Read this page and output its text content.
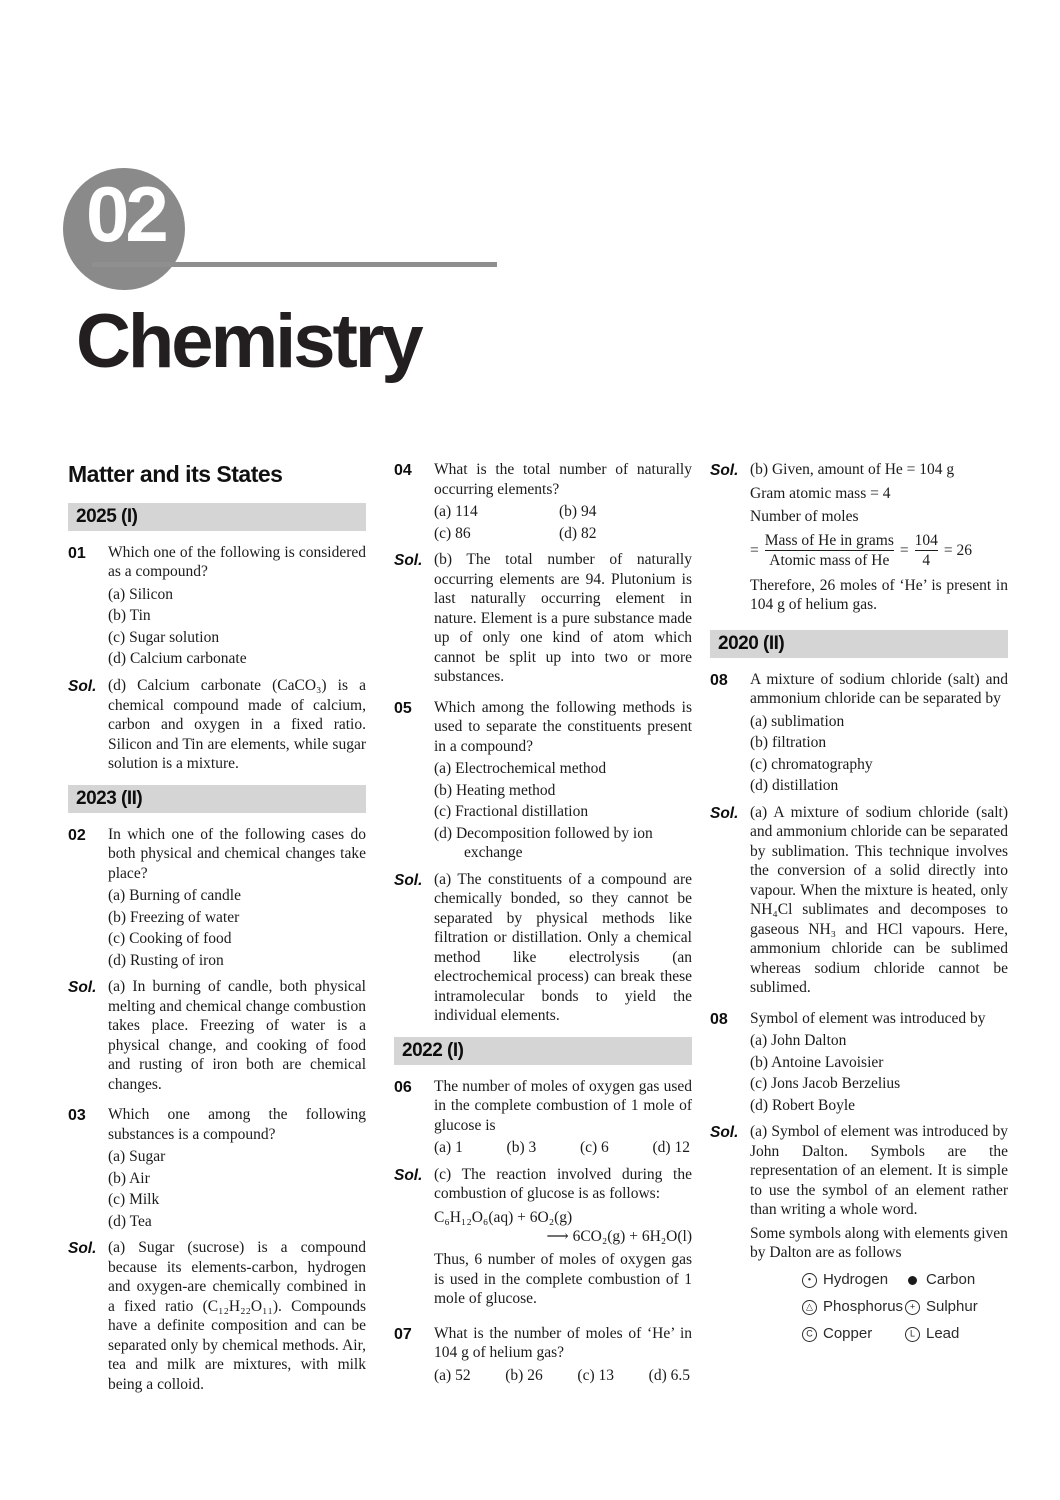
02
Chemistry
Matter and its States
2025 (I)
01	Which one of the following is considered as a compound?
(a) Silicon
(b) Tin
(c) Sugar solution
(d) Calcium carbonate
Sol. (d) Calcium carbonate (CaCO₃) is a chemical compound made of calcium, carbon and oxygen in a fixed ratio. Silicon and Tin are elements, while sugar solution is a mixture.
2023 (II)
02	In which one of the following cases do both physical and chemical changes take place?
(a) Burning of candle
(b) Freezing of water
(c) Cooking of food
(d) Rusting of iron
Sol. (a) In burning of candle, both physical melting and chemical change combustion takes place. Freezing of water is a physical change, and cooking of food and rusting of iron both are chemical changes.
03	Which one among the following substances is a compound?
(a) Sugar
(b) Air
(c) Milk
(d) Tea
Sol. (a) Sugar (sucrose) is a compound because its elements-carbon, hydrogen and oxygen-are chemically combined in a fixed ratio (C₁₂H₂₂O₁₁). Compounds have a definite composition and can be separated only by chemical methods. Air, tea and milk are mixtures, with milk being a colloid.
04	What is the total number of naturally occurring elements?
(a) 114	(b) 94
(c) 86	(d) 82
Sol. (b) The total number of naturally occurring elements are 94. Plutonium is last naturally occurring element in nature. Element is a pure substance made up of only one kind of atom which cannot be split up into two or more substances.
05	Which among the following methods is used to separate the constituents present in a compound?
(a) Electrochemical method
(b) Heating method
(c) Fractional distillation
(d) Decomposition followed by ion exchange
Sol. (a) The constituents of a compound are chemically bonded, so they cannot be separated by physical methods like filtration or distillation. Only a chemical method like electrolysis (an electrochemical process) can break these intramolecular bonds to yield the individual elements.
2022 (I)
06	The number of moles of oxygen gas used in the complete combustion of 1 mole of glucose is
(a) 1	(b) 3	(c) 6	(d) 12
Sol. (c) The reaction involved during the combustion of glucose is as follows:

C₆H₁₂O₆(aq) + 6O₂(g)
⟶ 6CO₂(g) + 6H₂O(l)

Thus, 6 number of moles of oxygen gas is used in the complete combustion of 1 mole of glucose.

07	What is the number of moles of ‘He’ in 104 g of helium gas?
(a) 52 (b) 26 (c) 13 (d) 6.5
Sol. (b) Given, amount of He = 104 g

Gram atomic mass = 4

Number of moles

= $\frac{\text{Mass of He in grams}}{\text{Atomic mass of He}} = \frac{104}{4} = 26$

Therefore, 26 moles of ‘He’ is present in 104 g of helium gas.

2020 (II)
08	A mixture of sodium chloride (salt) and ammonium chloride can be separated by
(a) sublimation
(b) filtration
(c) chromatography
(d) distillation
Sol. (a) A mixture of sodium chloride (salt) and ammonium chloride can be separated by sublimation. This technique involves the conversion of a solid directly into vapour. When the mixture is heated, only NH₄Cl sublimates and decomposes to gaseous NH₃ and HCl vapours. Here, ammonium chloride can be sublimed whereas sodium chloride cannot be sublimed.
08	Symbol of element was introduced by
(a) John Dalton
(b) Antoine Lavoisier
(c) Jons Jacob Berzelius
(d) Robert Boyle
Sol. (a) Symbol of element was introduced by John Dalton. Symbols are the representation of an element. It is simple to use the symbol of an element rather than writing a whole word.

Some symbols along with elements given by Dalton are as follows

• Hydrogen	Carbon
△ Phosphorus + Sulphur
C Copper	L Lead
